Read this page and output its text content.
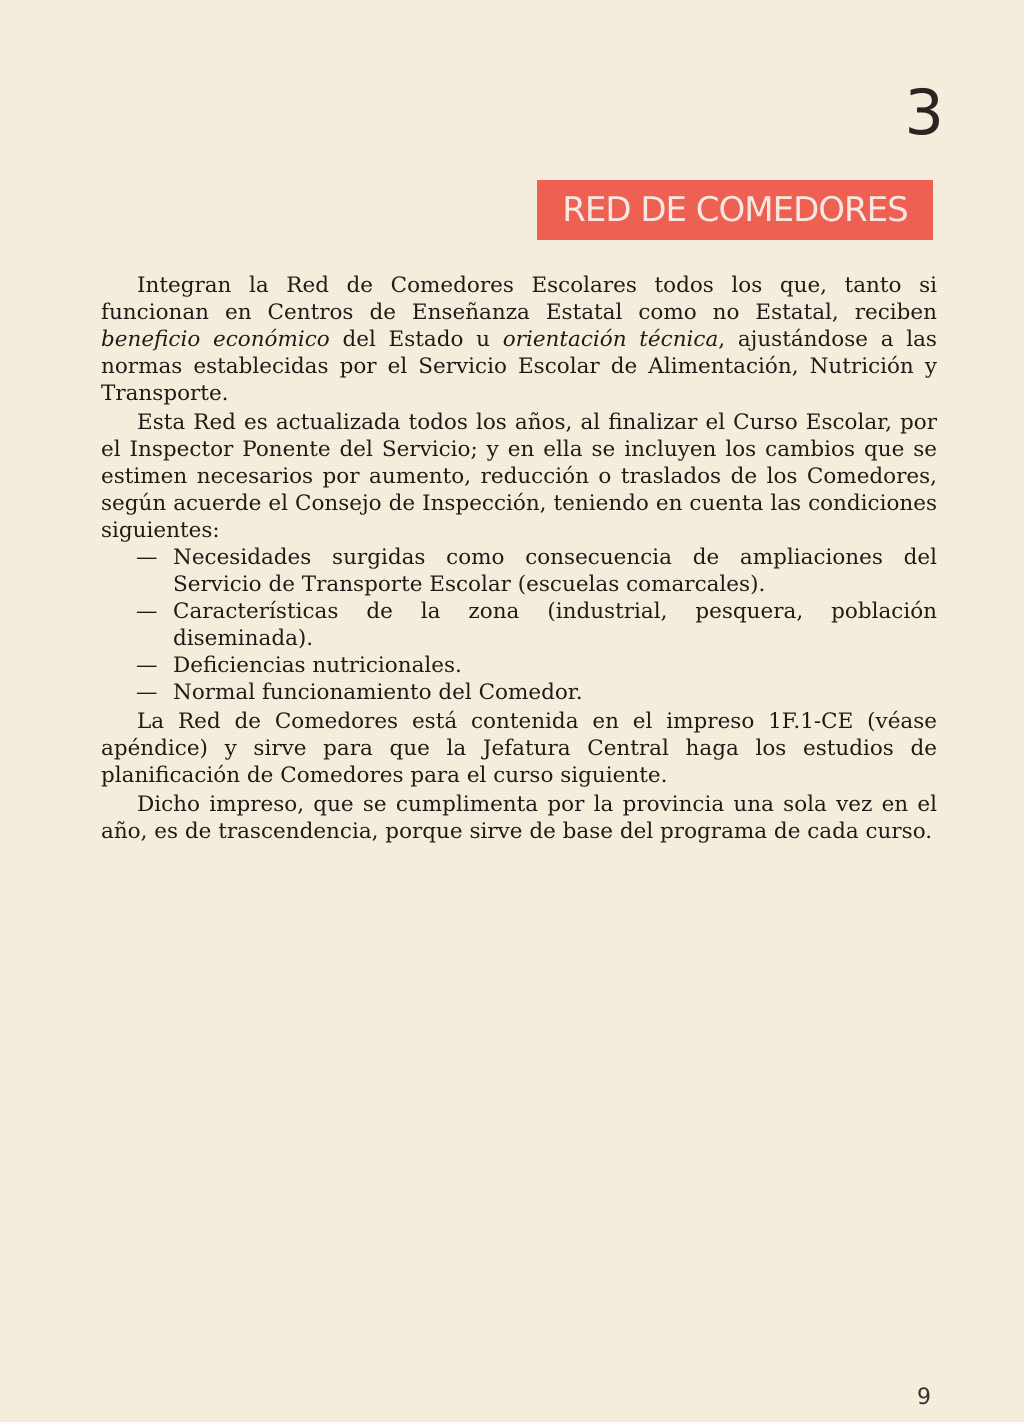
3
RED DE COMEDORES

Integran la Red de Comedores Escolares todos los que, tanto si funcionan en Centros de Enseñanza Estatal como no Estatal, reciben beneficio económico del Estado u orientación técnica, ajustándose a las normas establecidas por el Servicio Escolar de Alimentación, Nutrición y Transporte.

Esta Red es actualizada todos los años, al finalizar el Curso Escolar, por el Inspector Ponente del Servicio; y en ella se incluyen los cambios que se estimen necesarios por aumento, reducción o traslados de los Comedores, según acuerde el Consejo de Inspección, teniendo en cuenta las condiciones siguientes:

— Necesidades surgidas como consecuencia de ampliaciones del Servicio de Transporte Escolar (escuelas comarcales).
— Características de la zona (industrial, pesquera, población diseminada).
— Deficiencias nutricionales.
— Normal funcionamiento del Comedor.

La Red de Comedores está contenida en el impreso 1F.1-CE (véase apéndice) y sirve para que la Jefatura Central haga los estudios de planificación de Comedores para el curso siguiente.

Dicho impreso, que se cumplimenta por la provincia una sola vez en el año, es de trascendencia, porque sirve de base del programa de cada curso.

9
